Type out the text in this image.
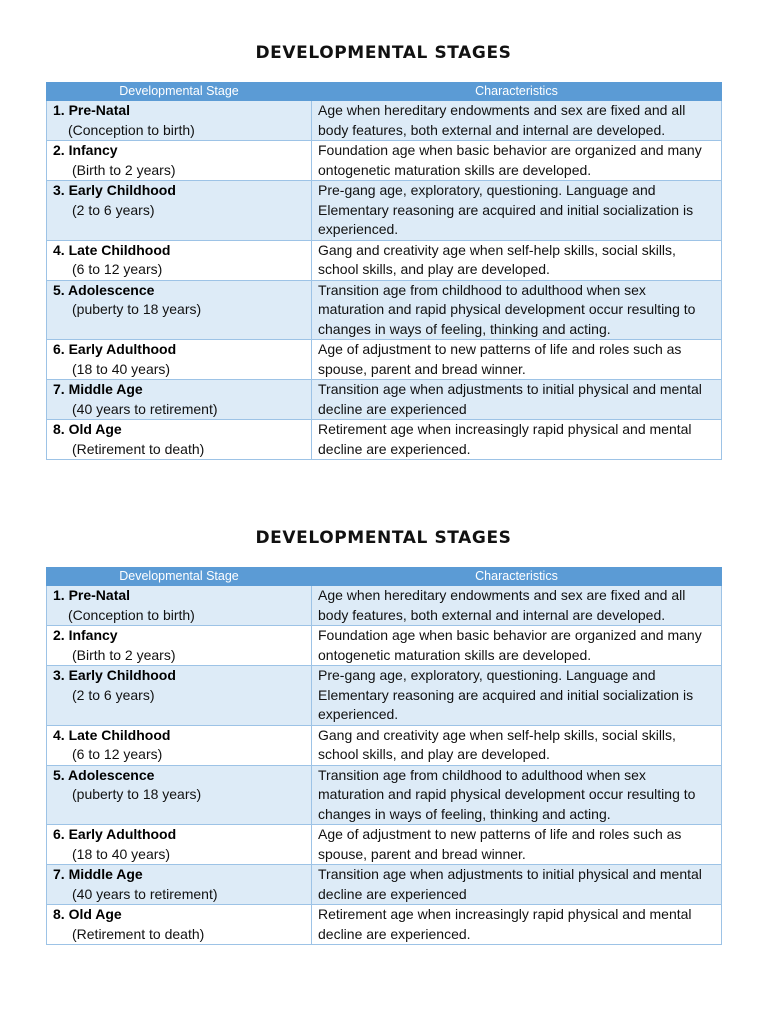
DEVELOPMENTAL STAGES
Developmental Stage	Characteristics

1. Pre-Natal
(Conception to birth)	Age when hereditary endowments and sex are fixed and all body features, both external and internal are developed.

2. Infancy
(Birth to 2 years)	Foundation age when basic behavior are organized and many ontogenetic maturation skills are developed.

3. Early Childhood
(2 to 6 years)	Pre-gang age, exploratory, questioning. Language and Elementary reasoning are acquired and initial socialization is experienced.

4. Late Childhood
(6 to 12 years)	Gang and creativity age when self-help skills, social skills, school skills, and play are developed.

5. Adolescence
(puberty to 18 years)	Transition age from childhood to adulthood when sex maturation and rapid physical development occur resulting to changes in ways of feeling, thinking and acting.

6. Early Adulthood
(18 to 40 years)	Age of adjustment to new patterns of life and roles such as spouse, parent and bread winner.

7. Middle Age
(40 years to retirement)	Transition age when adjustments to initial physical and mental decline are experienced

8. Old Age
(Retirement to death)	Retirement age when increasingly rapid physical and mental decline are experienced.
DEVELOPMENTAL STAGES
Developmental Stage	Characteristics

1. Pre-Natal
(Conception to birth)	Age when hereditary endowments and sex are fixed and all body features, both external and internal are developed.

2. Infancy
(Birth to 2 years)	Foundation age when basic behavior are organized and many ontogenetic maturation skills are developed.

3. Early Childhood
(2 to 6 years)	Pre-gang age, exploratory, questioning. Language and Elementary reasoning are acquired and initial socialization is experienced.

4. Late Childhood
(6 to 12 years)	Gang and creativity age when self-help skills, social skills, school skills, and play are developed.

5. Adolescence
(puberty to 18 years)	Transition age from childhood to adulthood when sex maturation and rapid physical development occur resulting to changes in ways of feeling, thinking and acting.

6. Early Adulthood
(18 to 40 years)	Age of adjustment to new patterns of life and roles such as spouse, parent and bread winner.

7. Middle Age
(40 years to retirement)	Transition age when adjustments to initial physical and mental decline are experienced

8. Old Age
(Retirement to death)	Retirement age when increasingly rapid physical and mental decline are experienced.
